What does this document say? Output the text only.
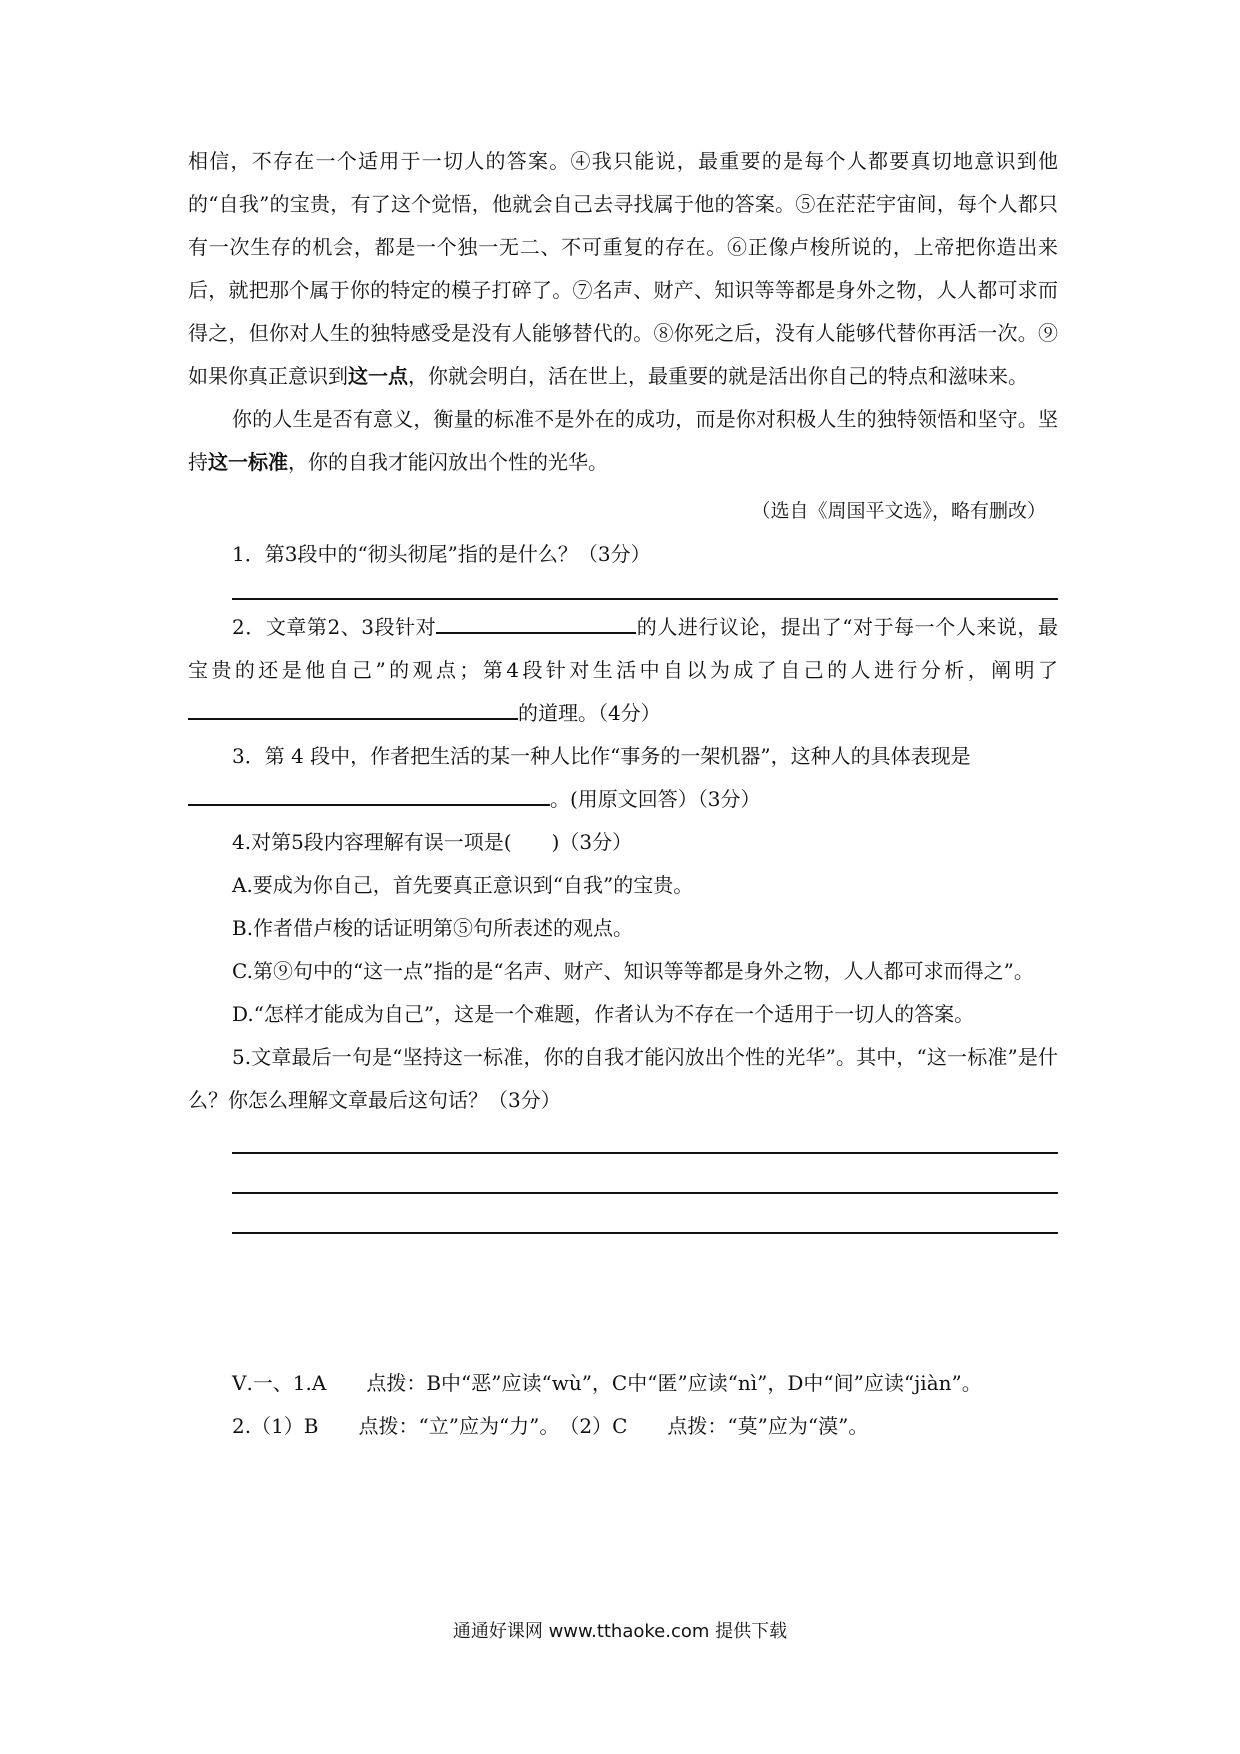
相信，不存在一个适用于一切人的答案。④我只能说，最重要的是每个人都要真切地意识到他的“自我”的宝贵，有了这个觉悟，他就会自己去寻找属于他的答案。⑤在茫茫宇宙间，每个人都只有一次生存的机会，都是一个独一无二、不可重复的存在。⑥正像卢梭所说的，上帝把你造出来后，就把那个属于你的特定的模子打碎了。⑦名声、财产、知识等等都是身外之物，人人都可求而得之，但你对人生的独特感受是没有人能够替代的。⑧你死之后，没有人能够代替你再活一次。⑨如果你真正意识到这一点，你就会明白，活在世上，最重要的就是活出你自己的特点和滋味来。

你的人生是否有意义，衡量的标准不是外在的成功，而是你对积极人生的独特领悟和坚守。坚持这一标准，你的自我才能闪放出个性的光华。

（选自《周国平文选》，略有删改）

1．第3段中的“彻头彻尾”指的是什么？（3分）

2．文章第2、3段针对	的人进行议论，提出了“对于每一个人来说，最宝贵的还是他自己”的观点；第4段针对生活中自以为成了自己的人进行分析，阐明了的道理。（4分）

3．第 4 段中，作者把生活的某一种人比作“事务的一架机器”，这种人的具体表现是

。(用原文回答）（3分）

4.对第5段内容理解有误一项是(　　)（3分）

A.要成为你自己，首先要真正意识到“自我”的宝贵。

B.作者借卢梭的话证明第⑤句所表述的观点。

C.第⑨句中的“这一点”指的是“名声、财产、知识等等都是身外之物，人人都可求而得之”。

D.“怎样才能成为自己”，这是一个难题，作者认为不存在一个适用于一切人的答案。

5.文章最后一句是“坚持这一标准，你的自我才能闪放出个性的光华”。其中，“这一标准”是什么？你怎么理解文章最后这句话？（3分）

Ⅴ.一、1.A　　点拨：B中“恶”应读“wù”，C中“匿”应读“nì”，D中“间”应读“jiàn”。

2.（1）B　　点拨：“立”应为“力”。　（2）C　　点拨：“莫”应为“漠”。

通通好课网 www.tthaoke.com 提供下载
